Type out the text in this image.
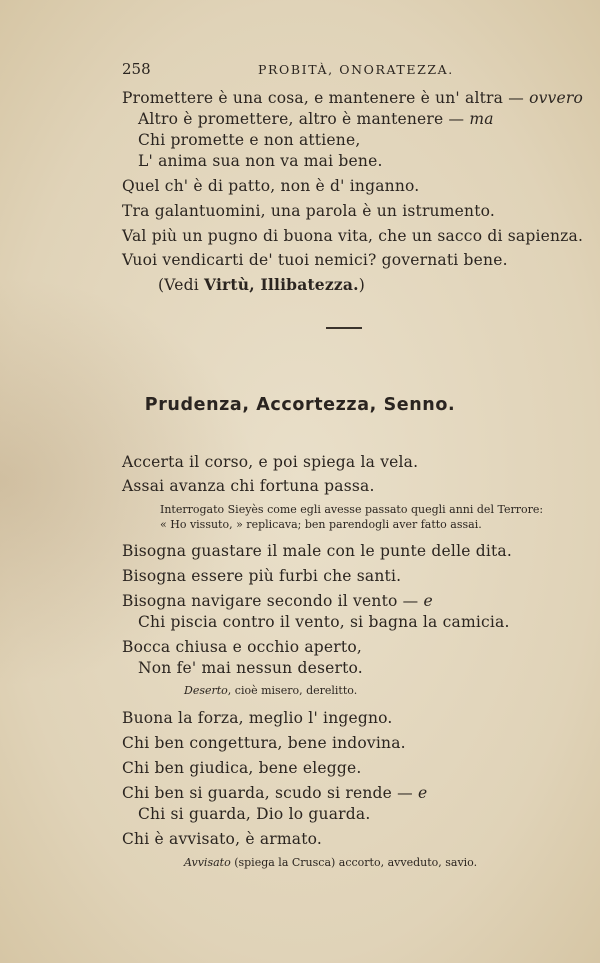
258	PROBITÀ, ONORATEZZA.
Promettere è una cosa, e mantenere è un' altra — ovvero
Altro è promettere, altro è mantenere — ma
Chi promette e non attiene,
L' anima sua non va mai bene.
Quel ch' è di patto, non è d' inganno.
Tra galantuomini, una parola è un istrumento.
Val più un pugno di buona vita, che un sacco di sapienza.
Vuoi vendicarti de' tuoi nemici? governati bene.
(Vedi Virtù, Illibatezza.)
Prudenza, Accortezza, Senno.
Accerta il corso, e poi spiega la vela.
Assai avanza chi fortuna passa.
Interrogato Sieyès come egli avesse passato quegli anni del Terrore:
« Ho vissuto, » replicava; ben parendogli aver fatto assai.
Bisogna guastare il male con le punte delle dita.
Bisogna essere più furbi che santi.
Bisogna navigare secondo il vento — e
Chi piscia contro il vento, si bagna la camicia.
Bocca chiusa e occhio aperto,
Non fe' mai nessun deserto.
Deserto, cioè misero, derelitto.
Buona la forza, meglio l' ingegno.
Chi ben congettura, bene indovina.
Chi ben giudica, bene elegge.
Chi ben si guarda, scudo si rende — e
Chi si guarda, Dio lo guarda.
Chi è avvisato, è armato.
Avvisato (spiega la Crusca) accorto, avveduto, savio.
